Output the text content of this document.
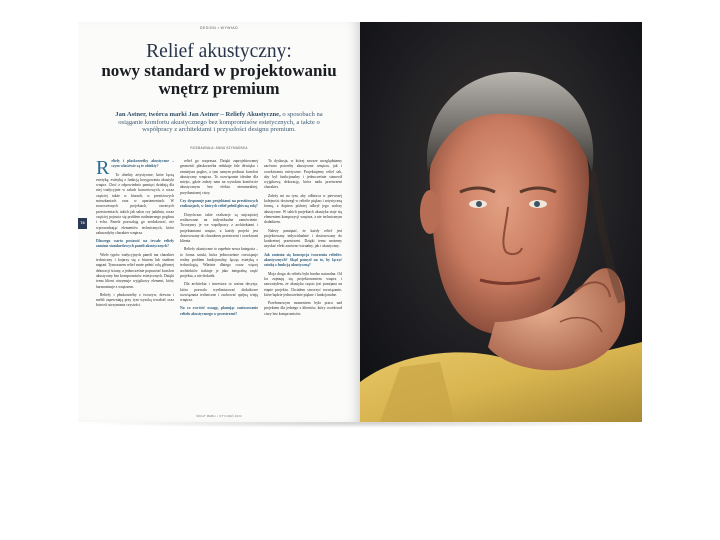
DESIGN • WYWIAD
Relief akustyczny:
nowy standard w projektowaniu
wnętrz premium
Jan Astner, twórca marki Jan Astner – Reliefy Akustyczne, o sposobach na osiąganie komfortu akustycznego bez kompromisów estetycznych, a także o współpracy z architektami i przyszłości designu premium.
ROZMAWIAŁA: ANNA SZYMAŃSKA
74

Reliefy i płaskorzeźby akustyczne – czym właściwie są te obiekty?

To obiekty artystyczne, które łączą estetykę, estetykę z funkcją korygowania akustyki wnętrz. Choć z odpowiednio pamięci działają dla niej tradycyjnie w salach koncertowych, a coraz częściej także w biurach, w prestiżowych mieszkaniach oraz w apartamentach. W nowoczesnych projektach, otwartych przestrzeniach, takich jak salon czy jadalnia, coraz częściej pojawia się problem nadmiernego pogłosu i echa. Panele pozwalają go zredukować, nie wprowadzając elementów technicznych, które zaburzałyby charakter wnętrza.

Dlaczego warto postawić na trwałe reliefy zamiast standardowych paneli akustycznych?

Wiele typów tradycyjnych paneli ma charakter techniczny i kojarzy się z biurem lub studiem nagrań. Tymczasem relief może pełnić rolę głównej dekoracji ściany, a jednocześnie poprawiać komfort akustyczny bez kompromisów estetycznych. Dzięki temu klient otrzymuje wyjątkowy element, który harmonizuje z wnętrzem.

Reliefy i płaskorzeźby z tworzyw, drewna i mebli zapewniają przy tym wysoką trwałość oraz łatwość utrzymania czystości.

relief go rozprasza. Dzięki zaprojektowanej geometrii płaskorzeźba redukuje fale dźwięku i zmniejsza pogłos, a tym samym podnosi komfort akustyczny wnętrza. To rozwiązanie idealne dla miejsc, gdzie zależy nam na wysokim komforcie akustycznym bez efektu nienaturalnej, przytłumionej ciszy.

Czy dysponuje pan projektami na prestiżowych realizacjach, w których relief pełnił główną rolę?

Dotychczas takie realizacje są najczęściej realizowane na indywidualne zamówienie. Tworzymy je we współpracy z architektami i projektantami wnętrz, a każdy projekt jest dostosowany do charakteru przestrzeni i oczekiwań klienta.

Reliefy akustyczne to zupełnie nowa kategoria – to forma sztuki, która jednocześnie rozwiązuje realny problem funkcjonalny, łącząc estetykę z technologią. Właśnie dlatego coraz więcej architektów traktuje je jako integralną część projektu, a nie dodatek.

Dla architekta i inwestora to ważna decyzja, która pozwala wyeliminować dodatkowe rozwiązania techniczne i zachować spójną wizję wnętrza.

Na co zwrócić uwagę, planując zastosowanie reliefu akustycznego w przestrzeni?

To dyskusja, w której zawsze uwzględniamy zarówno potrzeby akustyczne wnętrza, jak i oczekiwania estetyczne. Projektujemy relief tak, aby był funkcjonalny i jednocześnie stanowił wyjątkową dekorację, która nada przestrzeni charakter.

Zależy mi na tym, aby odbiorca w pierwszej kolejności dostrzegł w reliefie piękno i artystyczną formę, a dopiero później odkrył jego walory akustyczne. W takich projektach akustyka staje się elementem kompozycji wnętrza, a nie technicznym dodatkiem.

Należy pamiętać, że każdy relief jest projektowany indywidualnie i dostosowany do konkretnej przestrzeni. Dzięki temu możemy uzyskać efekt zarówno wizualny, jak i akustyczny.

Jak zmienia się koncepcja tworzenia reliefów akustycznych? Skąd pomysł na to, by łączyć sztukę z funkcją akustyczną?

Moja droga do reliefu była bardzo naturalna. Od lat zajmuję się projektowaniem wnętrz i zauważyłem, że akustyka często jest pomijana na etapie projektu. Chciałem stworzyć rozwiązanie, które będzie jednocześnie piękne i funkcjonalne.

Przełomowym momentem była praca nad projektem dla jednego z klientów, który oczekiwał ciszy bez kompromisów.

ŚWIAT MEBLI • STYCZEŃ 2024
